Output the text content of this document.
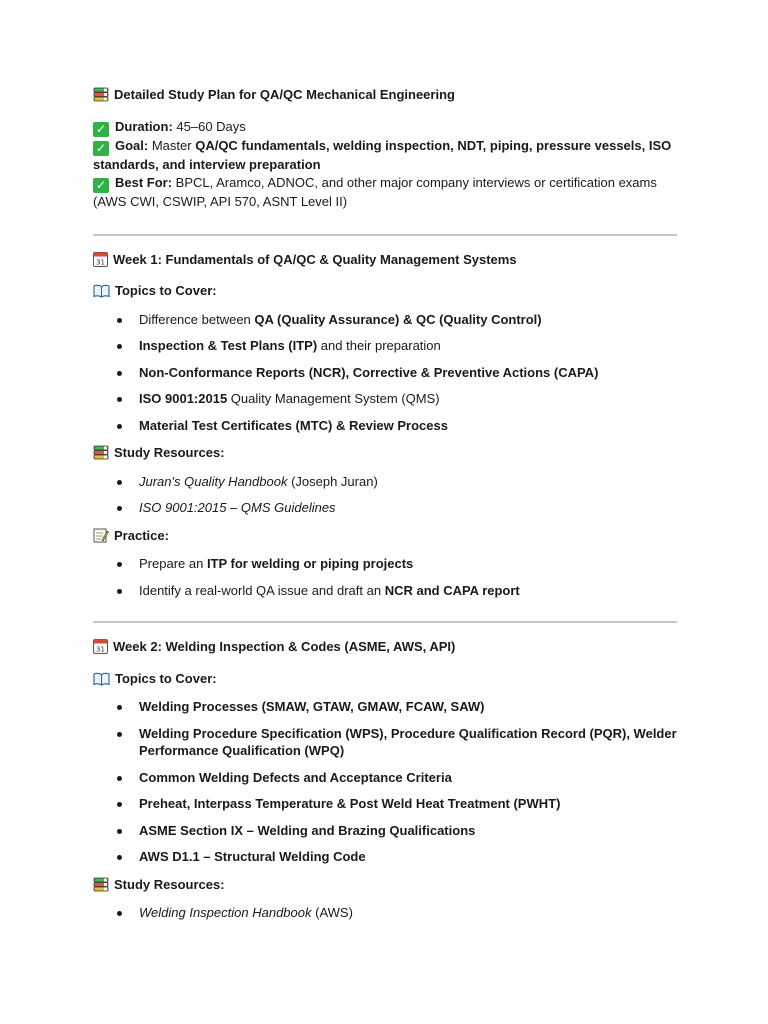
Detailed Study Plan for QA/QC Mechanical Engineering
✓ Duration: 45–60 Days
✓ Goal: Master QA/QC fundamentals, welding inspection, NDT, piping, pressure vessels, ISO standards, and interview preparation
✓ Best For: BPCL, Aramco, ADNOC, and other major company interviews or certification exams (AWS CWI, CSWIP, API 570, ASNT Level II)
31 Week 1: Fundamentals of QA/QC & Quality Management Systems
Topics to Cover:
Difference between QA (Quality Assurance) & QC (Quality Control)
Inspection & Test Plans (ITP) and their preparation
Non-Conformance Reports (NCR), Corrective & Preventive Actions (CAPA)
ISO 9001:2015 Quality Management System (QMS)
Material Test Certificates (MTC) & Review Process
Study Resources:
Juran's Quality Handbook (Joseph Juran)
ISO 9001:2015 – QMS Guidelines
Practice:
Prepare an ITP for welding or piping projects
Identify a real-world QA issue and draft an NCR and CAPA report
31 Week 2: Welding Inspection & Codes (ASME, AWS, API)
Topics to Cover:
Welding Processes (SMAW, GTAW, GMAW, FCAW, SAW)
Welding Procedure Specification (WPS), Procedure Qualification Record (PQR), Welder Performance Qualification (WPQ)
Common Welding Defects and Acceptance Criteria
Preheat, Interpass Temperature & Post Weld Heat Treatment (PWHT)
ASME Section IX – Welding and Brazing Qualifications
AWS D1.1 – Structural Welding Code
Study Resources:
Welding Inspection Handbook (AWS)
